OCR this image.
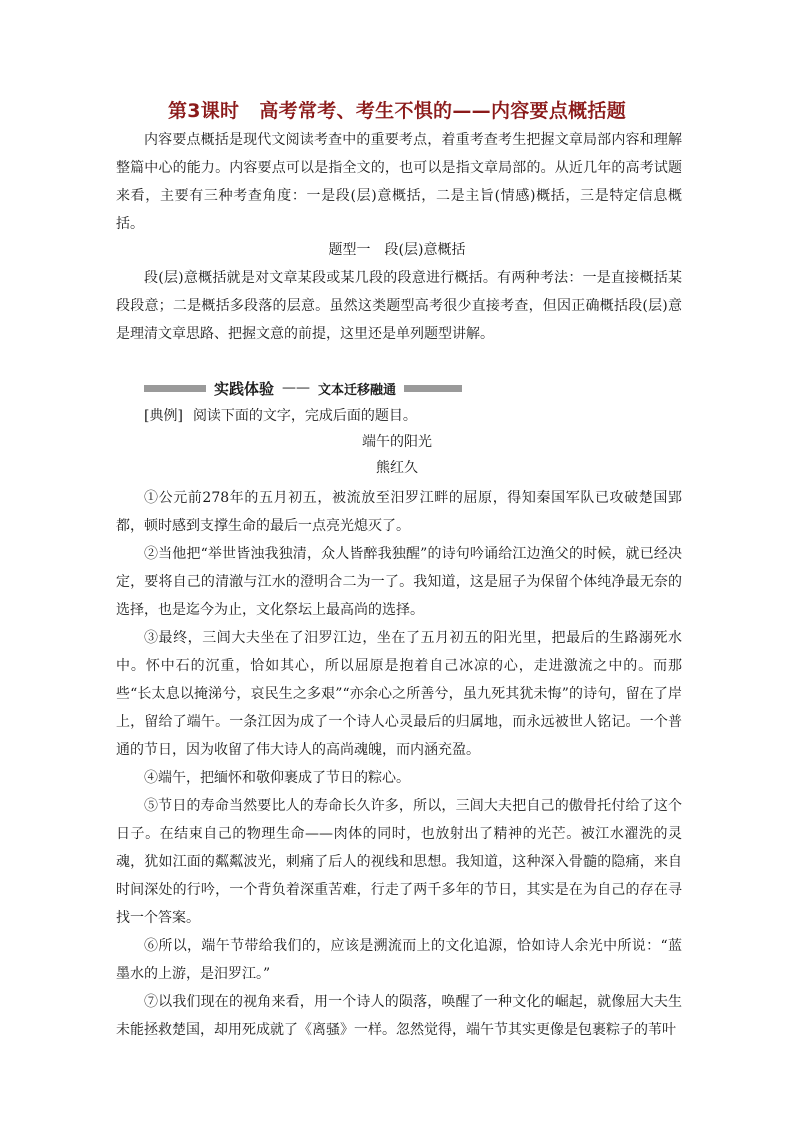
第3课时 高考常考、考生不惧的——内容要点概括题

内容要点概括是现代文阅读考查中的重要考点，着重考查考生把握文章局部内容和理解整篇中心的能力。内容要点可以是指全文的，也可以是指文章局部的。从近几年的高考试题来看，主要有三种考查角度：一是段(层)意概括，二是主旨(情感)概括，三是特定信息概括。

题型一　段(层)意概括

段(层)意概括就是对文章某段或某几段的段意进行概括。有两种考法：一是直接概括某段段意；二是概括多段落的层意。虽然这类题型高考很少直接考查，但因正确概括段(层)意是理清文章思路、把握文意的前提，这里还是单列题型讲解。

实践体验 —— 文本迁移融通
[典例] 阅读下面的文字，完成后面的题目。
端午的阳光
熊红久

①公元前278年的五月初五，被流放至汨罗江畔的屈原，得知秦国军队已攻破楚国郢都，顿时感到支撑生命的最后一点亮光熄灭了。

②当他把“举世皆浊我独清，众人皆醉我独醒”的诗句吟诵给江边渔父的时候，就已经决定，要将自己的清澈与江水的澄明合二为一了。我知道，这是屈子为保留个体纯净最无奈的选择，也是迄今为止，文化祭坛上最高尚的选择。

③最终，三闾大夫坐在了汨罗江边，坐在了五月初五的阳光里，把最后的生路溺死水中。怀中石的沉重，恰如其心，所以屈原是抱着自己冰凉的心，走进激流之中的。而那些“长太息以掩涕兮，哀民生之多艰”“亦余心之所善兮，虽九死其犹未悔”的诗句，留在了岸上，留给了端午。一条江因为成了一个诗人心灵最后的归属地，而永远被世人铭记。一个普通的节日，因为收留了伟大诗人的高尚魂魄，而内涵充盈。

④端午，把缅怀和敬仰裹成了节日的粽心。

⑤节日的寿命当然要比人的寿命长久许多，所以，三闾大夫把自己的傲骨托付给了这个日子。在结束自己的物理生命——肉体的同时，也放射出了精神的光芒。被江水濯洗的灵魂，犹如江面的粼粼波光，刺痛了后人的视线和思想。我知道，这种深入骨髓的隐痛，来自时间深处的行吟，一个背负着深重苦难，行走了两千多年的节日，其实是在为自己的存在寻找一个答案。

⑥所以，端午节带给我们的，应该是溯流而上的文化追源，恰如诗人余光中所说：“蓝墨水的上游，是汨罗江。”

⑦以我们现在的视角来看，用一个诗人的陨落，唤醒了一种文化的崛起，就像屈大夫生未能拯救楚国，却用死成就了《离骚》一样。忽然觉得，端午节其实更像是包裹粽子的苇叶
